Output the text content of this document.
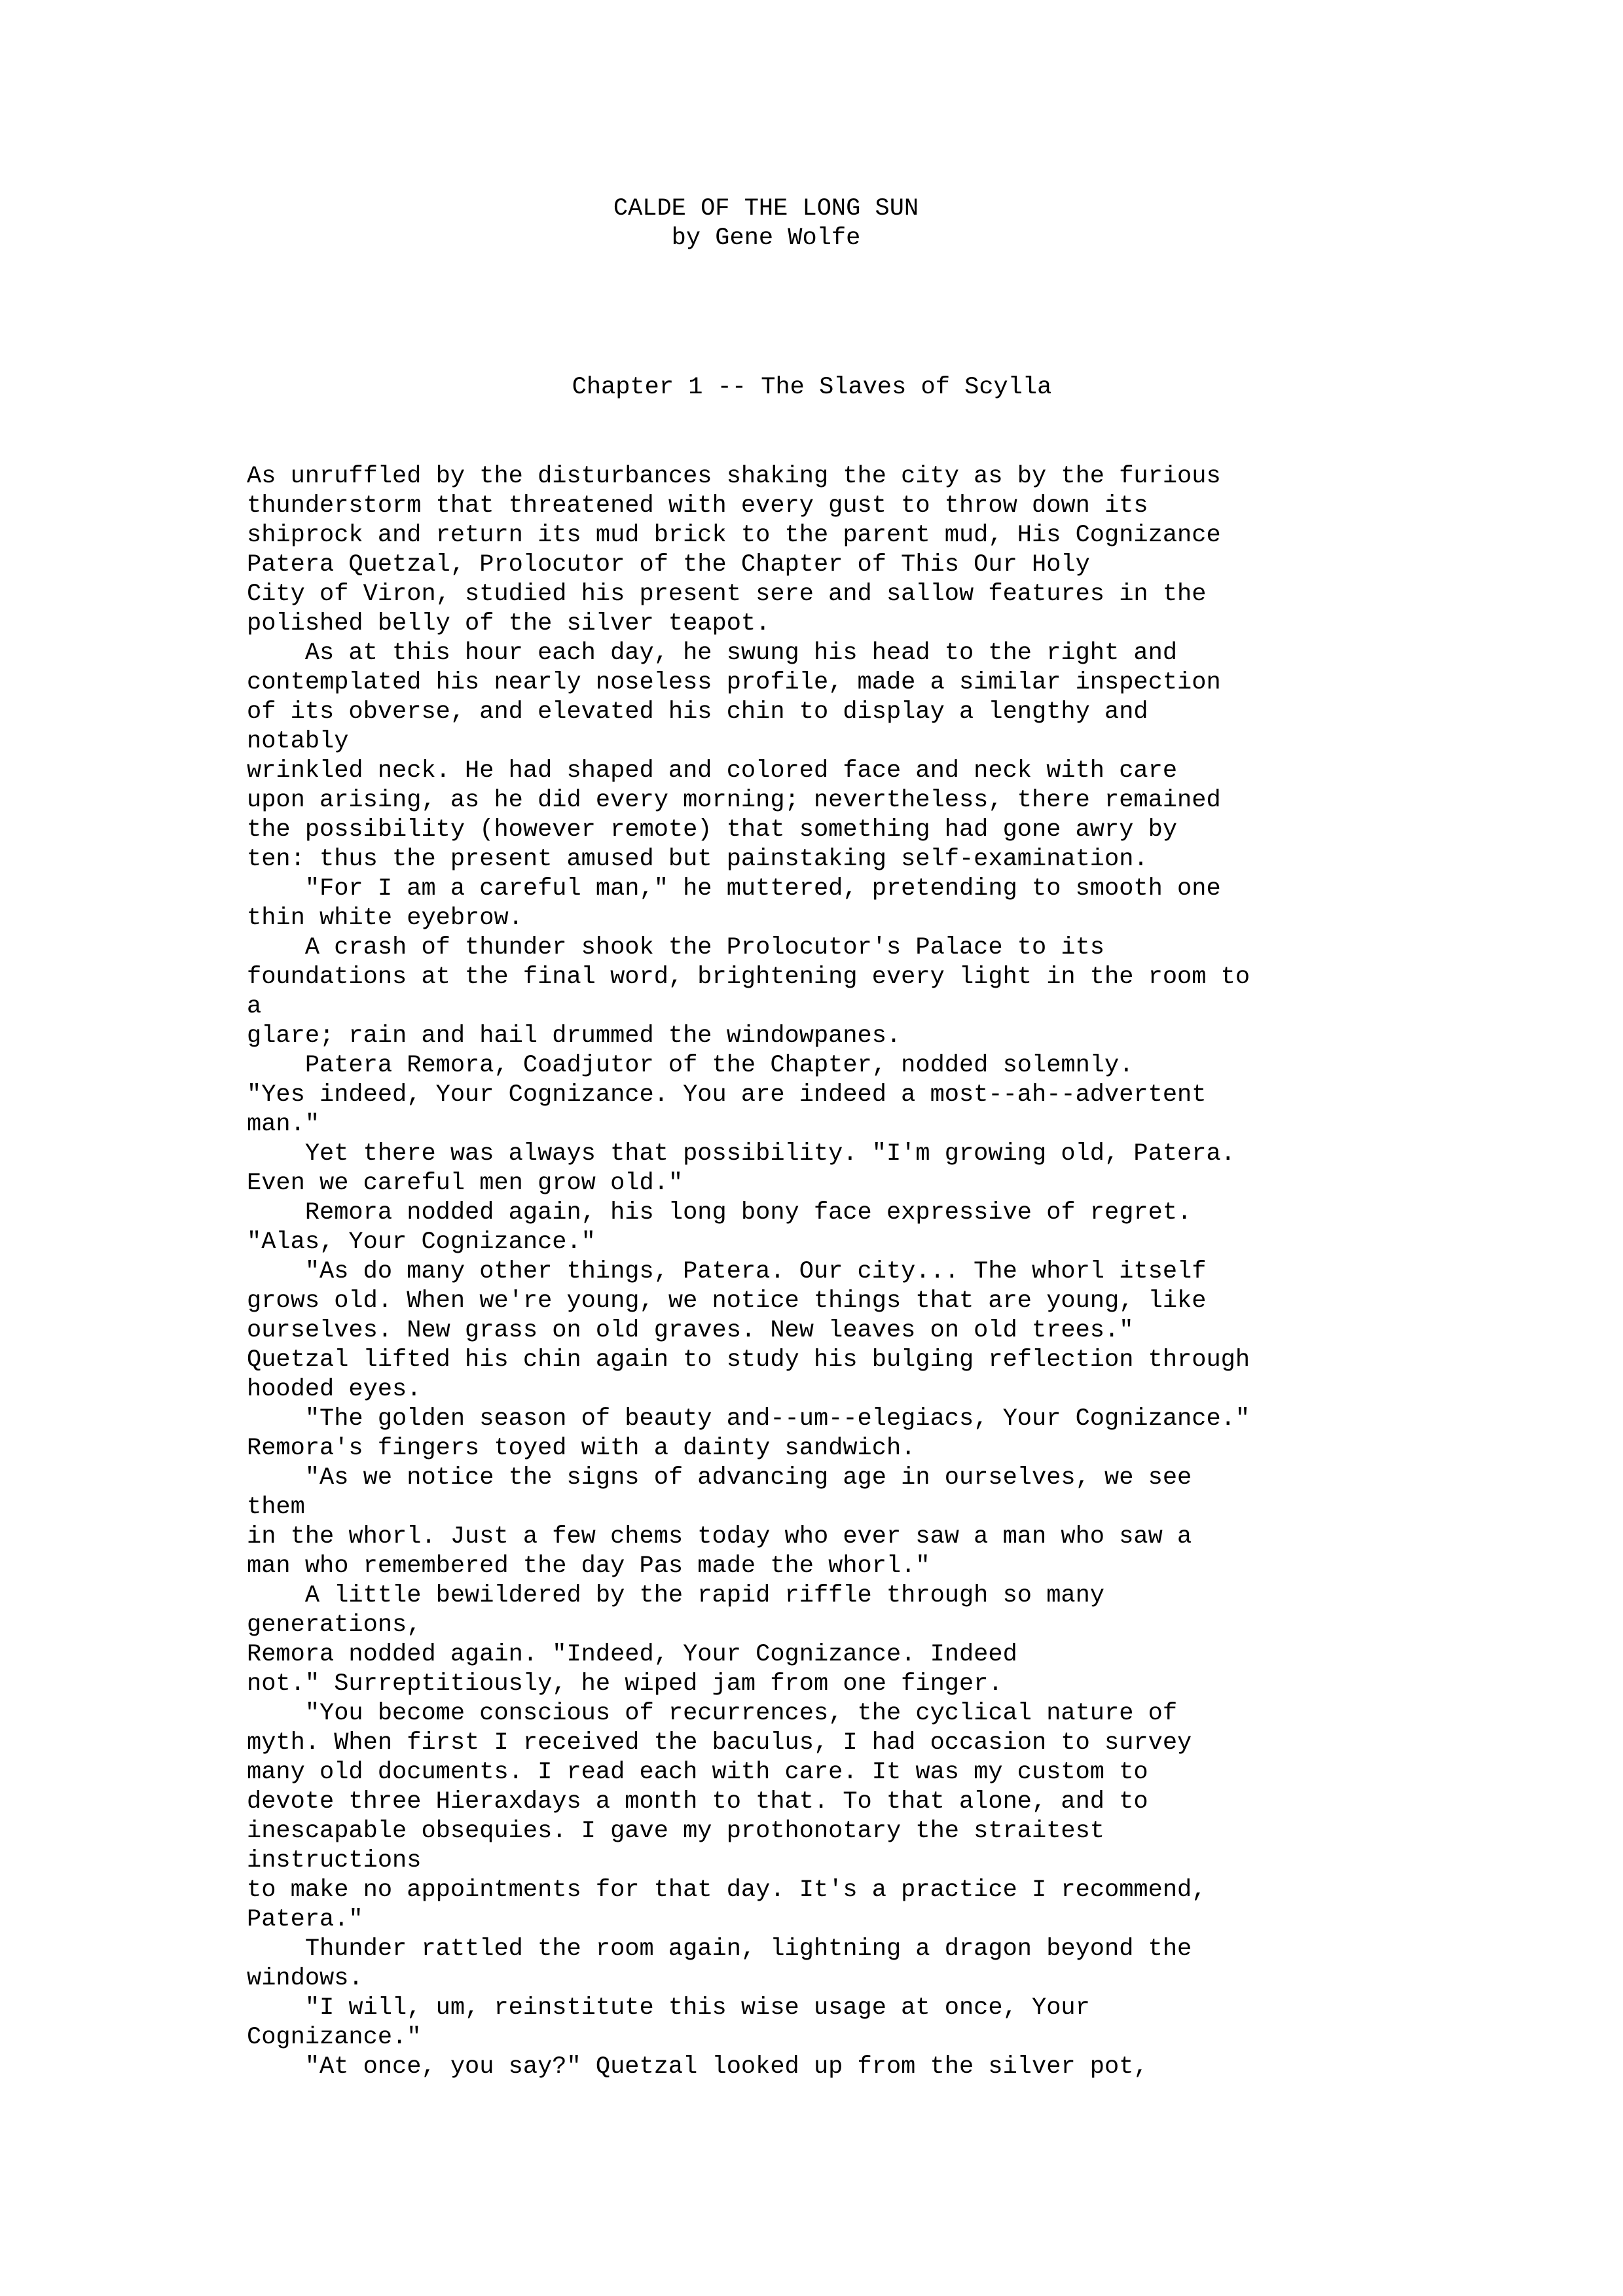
CALDE OF THE LONG SUN
by Gene Wolfe
Chapter 1 -- The Slaves of Scylla
As unruffled by the disturbances shaking the city as by the furious
thunderstorm that threatened with every gust to throw down its
shiprock and return its mud brick to the parent mud, His Cognizance
Patera Quetzal, Prolocutor of the Chapter of This Our Holy
City of Viron, studied his present sere and sallow features in the
polished belly of the silver teapot.
As at this hour each day, he swung his head to the right and
contemplated his nearly noseless profile, made a similar inspection
of its obverse, and elevated his chin to display a lengthy and
notably
wrinkled neck. He had shaped and colored face and neck with care
upon arising, as he did every morning; nevertheless, there remained
the possibility (however remote) that something had gone awry by
ten: thus the present amused but painstaking self-examination.
"For I am a careful man," he muttered, pretending to smooth one
thin white eyebrow.
A crash of thunder shook the Prolocutor's Palace to its
foundations at the final word, brightening every light in the room to
a
glare; rain and hail drummed the windowpanes.
Patera Remora, Coadjutor of the Chapter, nodded solemnly.
"Yes indeed, Your Cognizance. You are indeed a most--ah--advertent
man."
Yet there was always that possibility. "I'm growing old, Patera.
Even we careful men grow old."
Remora nodded again, his long bony face expressive of regret.
"Alas, Your Cognizance."
"As do many other things, Patera. Our city... The whorl itself
grows old. When we're young, we notice things that are young, like
ourselves. New grass on old graves. New leaves on old trees."
Quetzal lifted his chin again to study his bulging reflection through
hooded eyes.
"The golden season of beauty and--um--elegiacs, Your Cognizance."
Remora's fingers toyed with a dainty sandwich.
"As we notice the signs of advancing age in ourselves, we see
them
in the whorl. Just a few chems today who ever saw a man who saw a
man who remembered the day Pas made the whorl."
A little bewildered by the rapid riffle through so many
generations,
Remora nodded again. "Indeed, Your Cognizance. Indeed
not." Surreptitiously, he wiped jam from one finger.
"You become conscious of recurrences, the cyclical nature of
myth. When first I received the baculus, I had occasion to survey
many old documents. I read each with care. It was my custom to
devote three Hieraxdays a month to that. To that alone, and to
inescapable obsequies. I gave my prothonotary the straitest
instructions
to make no appointments for that day. It's a practice I recommend,
Patera."
Thunder rattled the room again, lightning a dragon beyond the
windows.
"I will, um, reinstitute this wise usage at once, Your
Cognizance."
"At once, you say?" Quetzal looked up from the silver pot,
